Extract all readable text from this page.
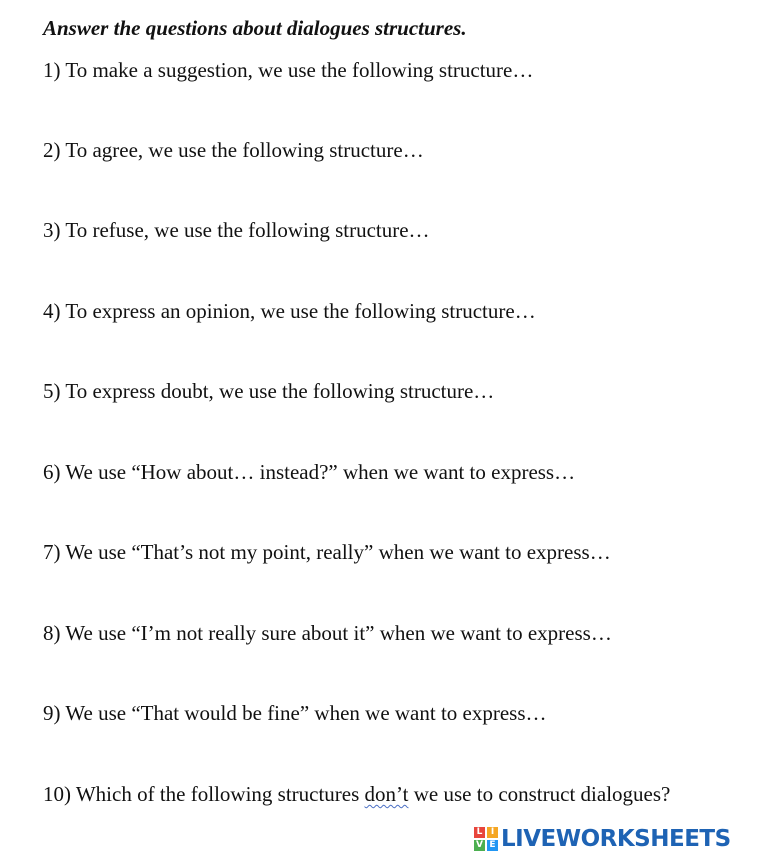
Answer the questions about dialogues structures.
1) To make a suggestion, we use the following structure…
2) To agree, we use the following structure…
3) To refuse, we use the following structure…
4) To express an opinion, we use the following structure…
5) To express doubt, we use the following structure…
6) We use “How about… instead?” when we want to express…
7) We use “That’s not my point, really” when we want to express…
8) We use “I’m not really sure about it” when we want to express…
9) We use “That would be fine” when we want to express…
10) Which of the following structures don’t we use to construct dialogues?
L I
V E LIVEWORKSHEETS
